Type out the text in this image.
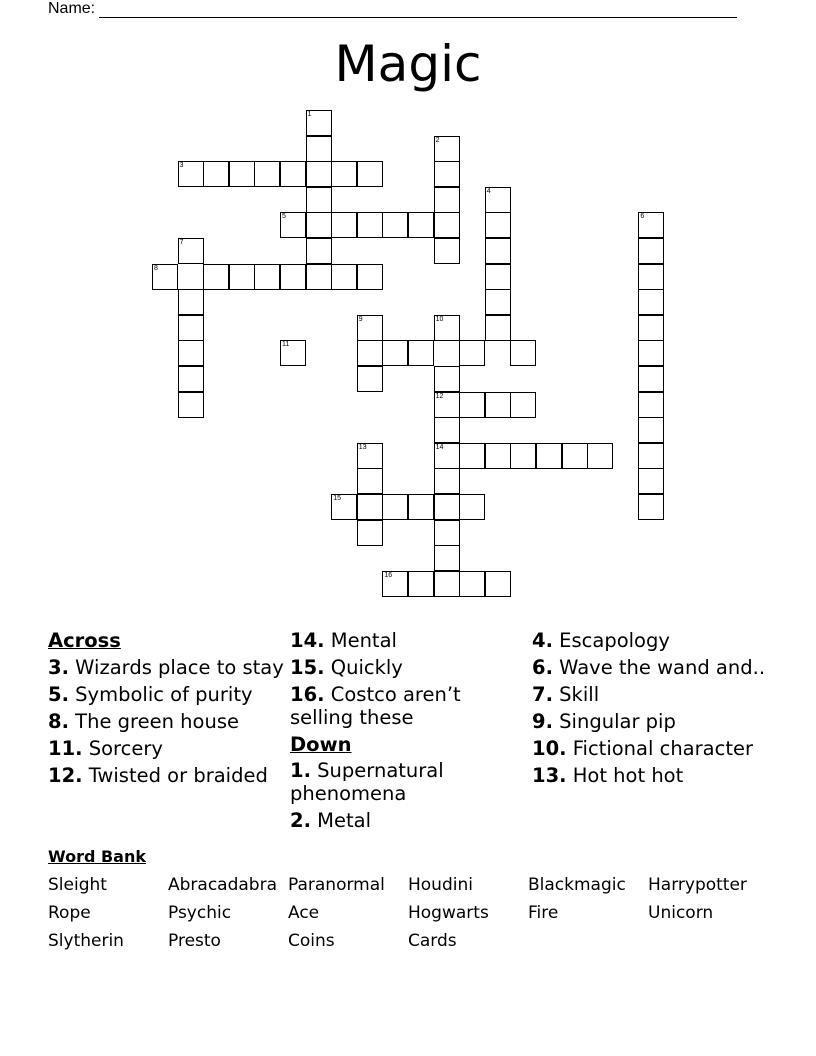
Name:
Magic
1
2
3
4
5	6
7
8
9	10
12
14
11
13
15
16
Across
3. Wizards place to stay
5. Symbolic of purity
8. The green house
11. Sorcery
12. Twisted or braided
14. Mental
15. Quickly
16. Costco aren’t selling these
Down
1. Supernatural phenomena
2. Metal
4. Escapology
6. Wave the wand and..
7. Skill
9. Singular pip
10. Fictional character
13. Hot hot hot
Word Bank
Sleight	Abracadabra Paranormal Houdini	Blackmagic Harrypotter
Rope	Psychic	Ace	Hogwarts Fire	Unicorn
Slytherin	Presto	Coins	Cards
